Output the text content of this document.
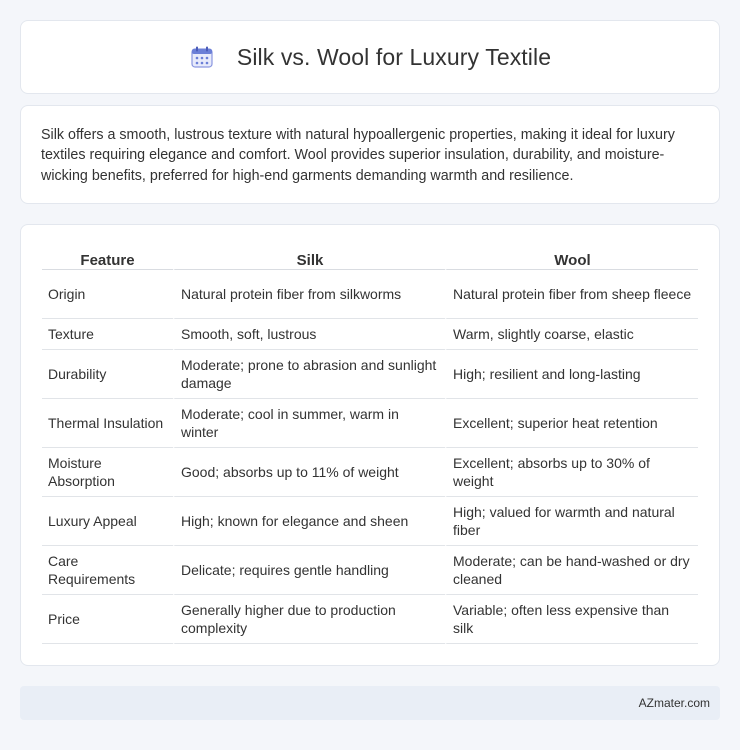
Silk vs. Wool for Luxury Textile

Silk offers a smooth, lustrous texture with natural hypoallergenic properties, making it ideal for luxury textiles requiring elegance and comfort. Wool provides superior insulation, durability, and moisture-wicking benefits, preferred for high-end garments demanding warmth and resilience.

Feature	Silk	Wool
Origin	Natural protein fiber from silkworms	Natural protein fiber from sheep fleece
Texture	Smooth, soft, lustrous	Warm, slightly coarse, elastic
Durability	Moderate; prone to abrasion and sunlight damage	High; resilient and long-lasting
Thermal Insulation	Moderate; cool in summer, warm in winter	Excellent; superior heat retention
Moisture Absorption	Good; absorbs up to 11% of weight	Excellent; absorbs up to 30% of weight
Luxury Appeal	High; known for elegance and sheen	High; valued for warmth and natural fiber
Care Requirements	Delicate; requires gentle handling	Moderate; can be hand-washed or dry cleaned
Price	Generally higher due to production complexity	Variable; often less expensive than silk
AZmater.com
